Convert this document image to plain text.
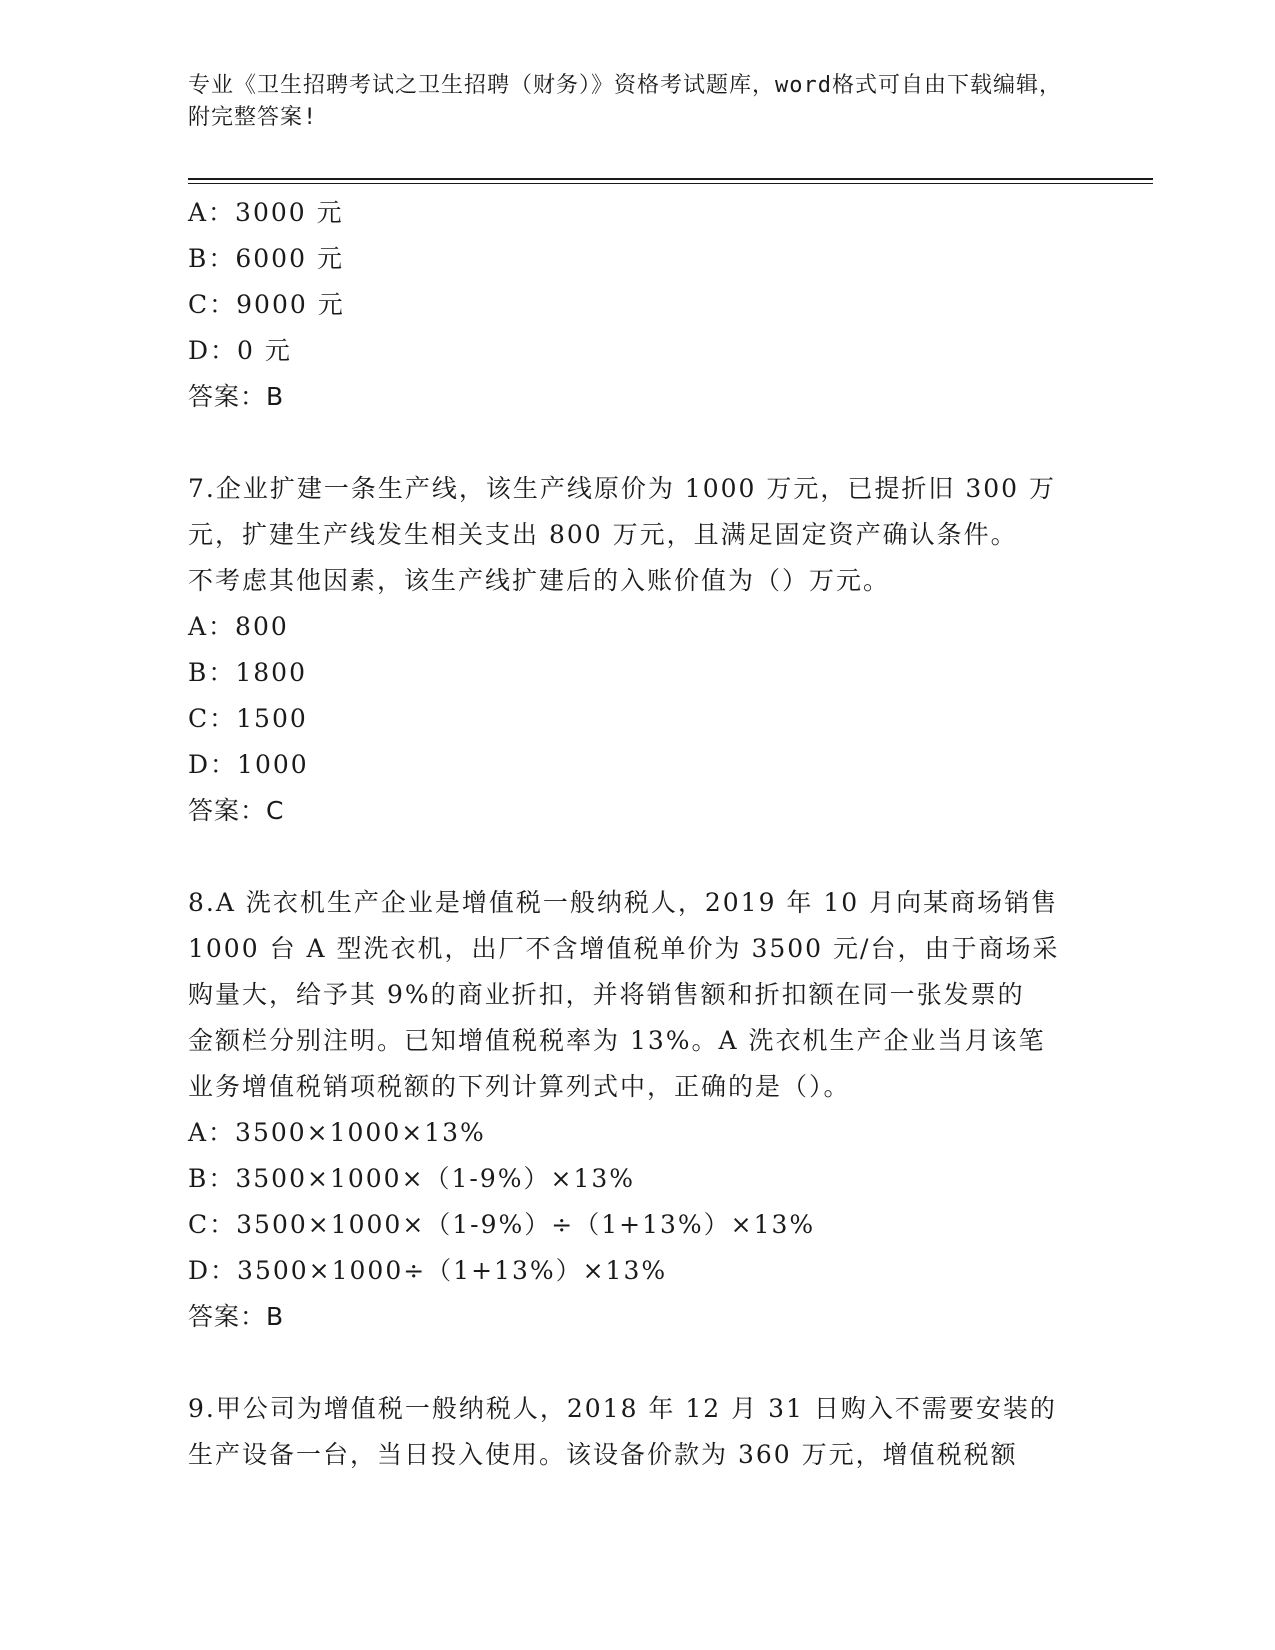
专业《卫生招聘考试之卫生招聘（财务）》资格考试题库，word格式可自由下载编辑，附完整答案!
A：3000 元
B：6000 元
C：9000 元
D：0 元
答案：B
7.企业扩建一条生产线，该生产线原价为 1000 万元，已提折旧 300 万
元，扩建生产线发生相关支出 800 万元，且满足固定资产确认条件。
不考虑其他因素，该生产线扩建后的入账价值为（）万元。
A：800
B：1800
C：1500
D：1000
答案：C
8.A 洗衣机生产企业是增值税一般纳税人，2019 年 10 月向某商场销售
1000 台 A 型洗衣机，出厂不含增值税单价为 3500 元/台，由于商场采
购量大，给予其 9%的商业折扣，并将销售额和折扣额在同一张发票的
金额栏分别注明。已知增值税税率为 13%。A 洗衣机生产企业当月该笔
业务增值税销项税额的下列计算列式中，正确的是（）。
A：3500×1000×13%
B：3500×1000×（1-9%）×13%
C：3500×1000×（1-9%）÷（1+13%）×13%
D：3500×1000÷（1+13%）×13%
答案：B
9.甲公司为增值税一般纳税人，2018 年 12 月 31 日购入不需要安装的
生产设备一台，当日投入使用。该设备价款为 360 万元，增值税税额
